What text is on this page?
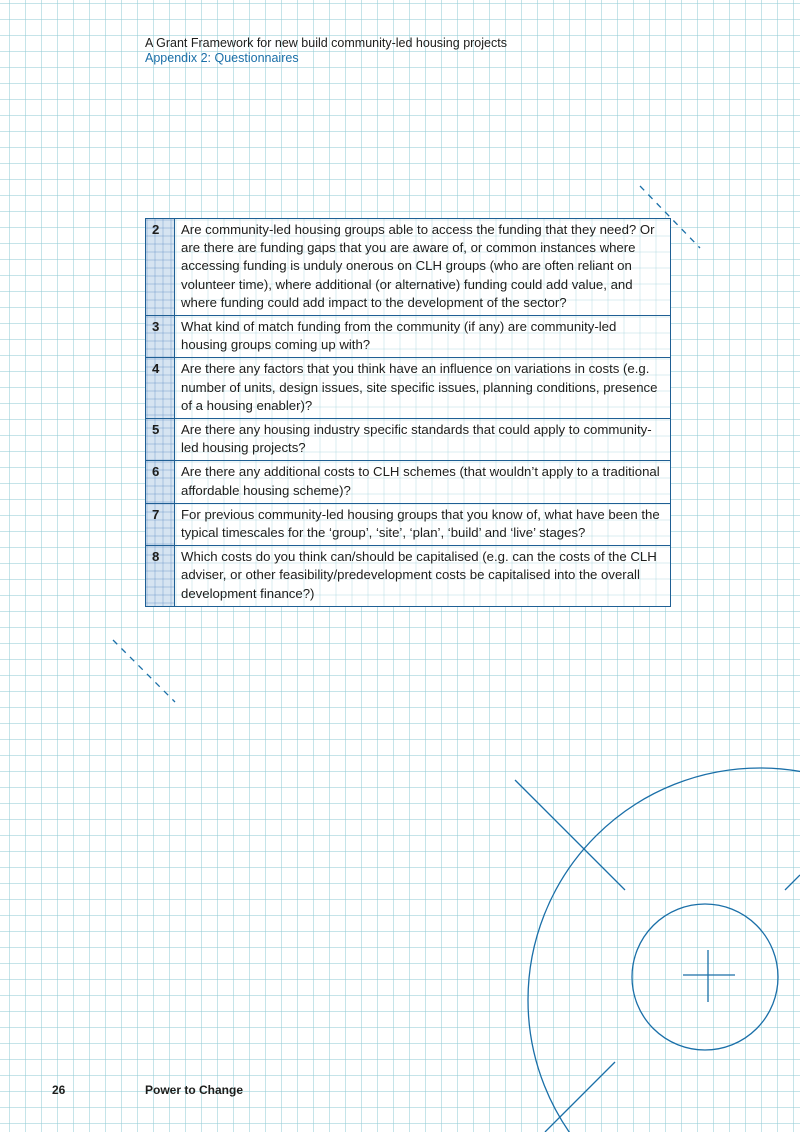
A Grant Framework for new build community-led housing projects
Appendix 2: Questionnaires
2	Are community-led housing groups able to access the funding that they need? Or are there are funding gaps that you are aware of, or common instances where accessing funding is unduly onerous on CLH groups (who are often reliant on volunteer time), where additional (or alternative) funding could add value, and where funding could add impact to the development of the sector?
3	What kind of match funding from the community (if any) are community-led housing groups coming up with?
4	Are there any factors that you think have an influence on variations in costs (e.g. number of units, design issues, site specific issues, planning conditions, presence of a housing enabler)?
5	Are there any housing industry specific standards that could apply to community-led housing projects?
6	Are there any additional costs to CLH schemes (that wouldn’t apply to a traditional affordable housing scheme)?
7	For previous community-led housing groups that you know of, what have been the typical timescales for the ‘group’, ‘site’, ‘plan’, ‘build’ and ‘live’ stages?
8	Which costs do you think can/should be capitalised (e.g. can the costs of the CLH adviser, or other feasibility/predevelopment costs be capitalised into the overall development finance?)
26	Power to Change
